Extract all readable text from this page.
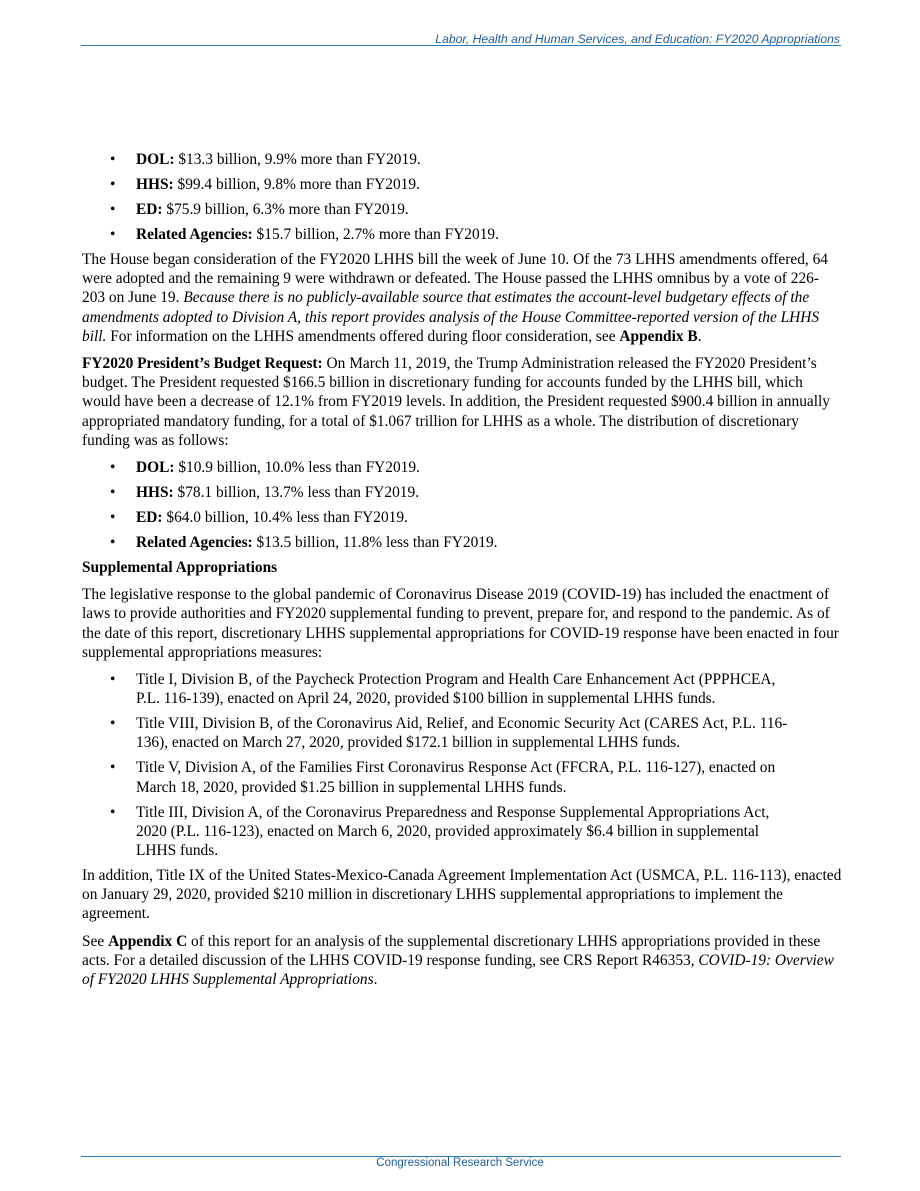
Labor, Health and Human Services, and Education: FY2020 Appropriations
• DOL: $13.3 billion, 9.9% more than FY2019.
• HHS: $99.4 billion, 9.8% more than FY2019.
• ED: $75.9 billion, 6.3% more than FY2019.
• Related Agencies: $15.7 billion, 2.7% more than FY2019.

The House began consideration of the FY2020 LHHS bill the week of June 10. Of the 73 LHHS amendments offered, 64 were adopted and the remaining 9 were withdrawn or defeated. The House passed the LHHS omnibus by a vote of 226-203 on June 19. Because there is no publicly-available source that estimates the account-level budgetary effects of the amendments adopted to Division A, this report provides analysis of the House Committee-reported version of the LHHS bill. For information on the LHHS amendments offered during floor consideration, see Appendix B.

FY2020 President’s Budget Request: On March 11, 2019, the Trump Administration released the FY2020 President’s budget. The President requested $166.5 billion in discretionary funding for accounts funded by the LHHS bill, which would have been a decrease of 12.1% from FY2019 levels. In addition, the President requested $900.4 billion in annually appropriated mandatory funding, for a total of $1.067 trillion for LHHS as a whole. The distribution of discretionary funding was as follows:

• DOL: $10.9 billion, 10.0% less than FY2019.
• HHS: $78.1 billion, 13.7% less than FY2019.
• ED: $64.0 billion, 10.4% less than FY2019.
• Related Agencies: $13.5 billion, 11.8% less than FY2019.
Supplemental Appropriations

The legislative response to the global pandemic of Coronavirus Disease 2019 (COVID-19) has included the enactment of laws to provide authorities and FY2020 supplemental funding to prevent, prepare for, and respond to the pandemic. As of the date of this report, discretionary LHHS supplemental appropriations for COVID-19 response have been enacted in four supplemental appropriations measures:

• Title I, Division B, of the Paycheck Protection Program and Health Care Enhancement Act (PPPHCEA, P.L. 116-139), enacted on April 24, 2020, provided $100 billion in supplemental LHHS funds.
• Title VIII, Division B, of the Coronavirus Aid, Relief, and Economic Security Act (CARES Act, P.L. 116-136), enacted on March 27, 2020, provided $172.1 billion in supplemental LHHS funds.
• Title V, Division A, of the Families First Coronavirus Response Act (FFCRA, P.L. 116-127), enacted on March 18, 2020, provided $1.25 billion in supplemental LHHS funds.
• Title III, Division A, of the Coronavirus Preparedness and Response Supplemental Appropriations Act, 2020 (P.L. 116-123), enacted on March 6, 2020, provided approximately $6.4 billion in supplemental LHHS funds.

In addition, Title IX of the United States-Mexico-Canada Agreement Implementation Act (USMCA, P.L. 116-113), enacted on January 29, 2020, provided $210 million in discretionary LHHS supplemental appropriations to implement the agreement.

See Appendix C of this report for an analysis of the supplemental discretionary LHHS appropriations provided in these acts. For a detailed discussion of the LHHS COVID-19 response funding, see CRS Report R46353, COVID-19: Overview of FY2020 LHHS Supplemental Appropriations.

Congressional Research Service
